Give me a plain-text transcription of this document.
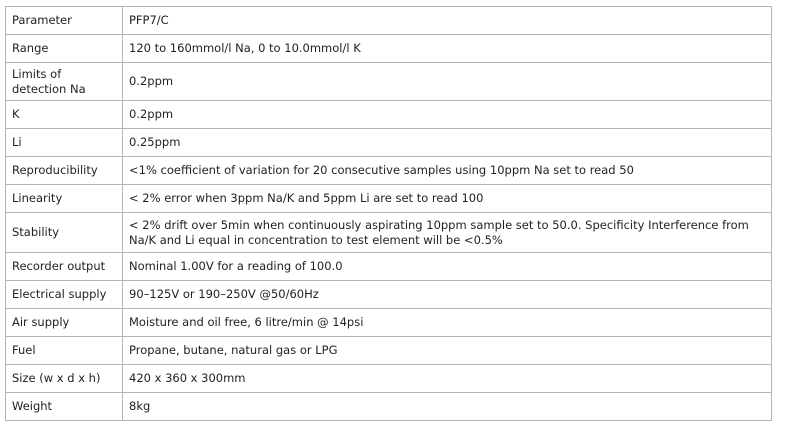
Parameter	PFP7/C
Range	120 to 160mmol/l Na, 0 to 10.0mmol/l K
Limits of detection Na	0.2ppm
K	0.2ppm
Li	0.25ppm
Reproducibility	<1% coefficient of variation for 20 consecutive samples using 10ppm Na set to read 50
Linearity	< 2% error when 3ppm Na/K and 5ppm Li are set to read 100
Stability	< 2% drift over 5min when continuously aspirating 10ppm sample set to 50.0. Specificity Interference from Na/K and Li equal in concentration to test element will be <0.5%
Recorder output	Nominal 1.00V for a reading of 100.0
Electrical supply	90–125V or 190–250V @50/60Hz
Air supply	Moisture and oil free, 6 litre/min @ 14psi
Fuel	Propane, butane, natural gas or LPG
Size (w x d x h)	420 x 360 x 300mm
Weight	8kg
